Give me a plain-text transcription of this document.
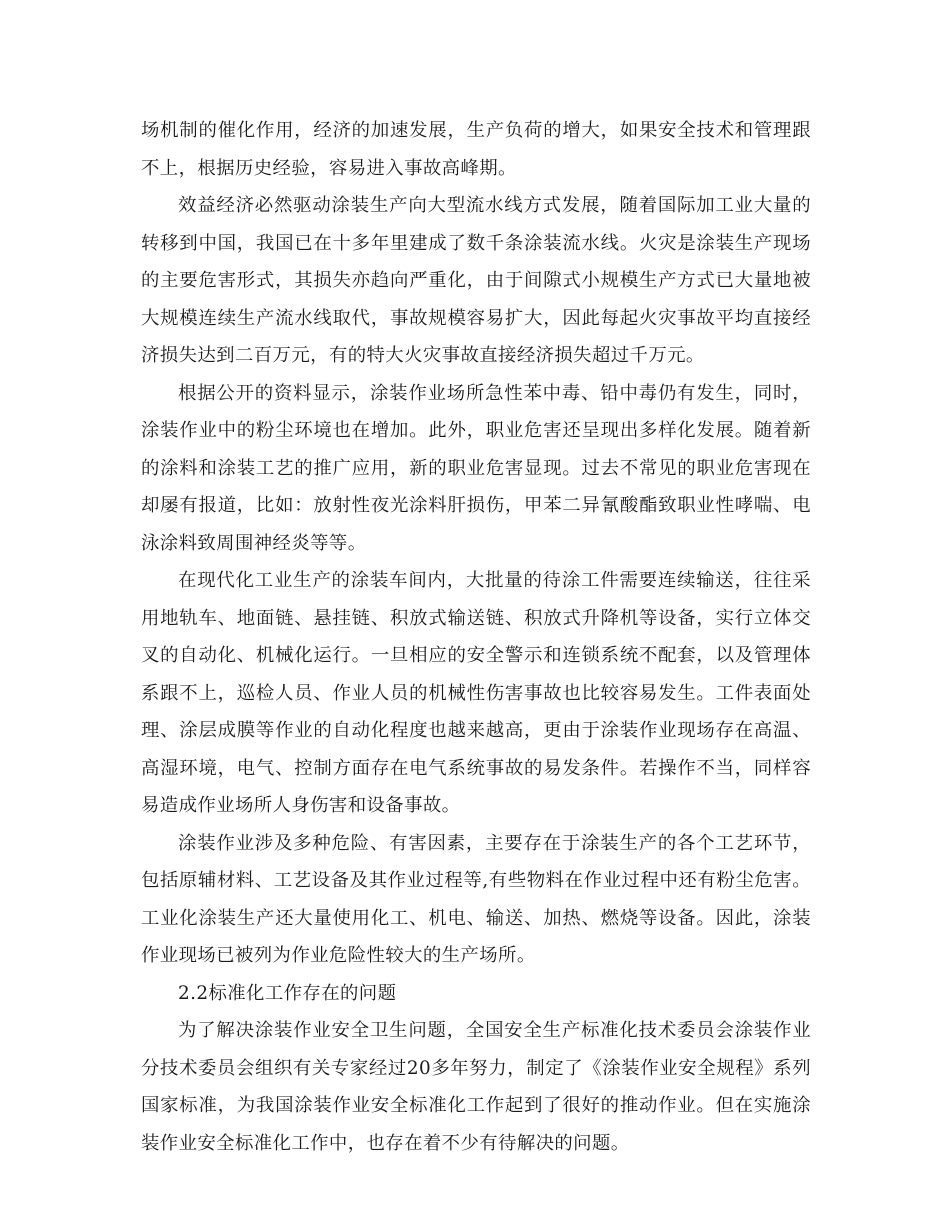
场机制的催化作用，经济的加速发展，生产负荷的增大，如果安全技术和管理跟不上，根据历史经验，容易进入事故高峰期。

效益经济必然驱动涂装生产向大型流水线方式发展，随着国际加工业大量的转移到中国，我国已在十多年里建成了数千条涂装流水线。火灾是涂装生产现场的主要危害形式，其损失亦趋向严重化，由于间隙式小规模生产方式已大量地被大规模连续生产流水线取代，事故规模容易扩大，因此每起火灾事故平均直接经济损失达到二百万元，有的特大火灾事故直接经济损失超过千万元。

根据公开的资料显示，涂装作业场所急性苯中毒、铅中毒仍有发生，同时，涂装作业中的粉尘环境也在增加。此外，职业危害还呈现出多样化发展。随着新的涂料和涂装工艺的推广应用，新的职业危害显现。过去不常见的职业危害现在却屡有报道，比如：放射性夜光涂料肝损伤，甲苯二异氰酸酯致职业性哮喘、电泳涂料致周围神经炎等等。

在现代化工业生产的涂装车间内，大批量的待涂工件需要连续输送，往往采用地轨车、地面链、悬挂链、积放式输送链、积放式升降机等设备，实行立体交叉的自动化、机械化运行。一旦相应的安全警示和连锁系统不配套，以及管理体系跟不上，巡检人员、作业人员的机械性伤害事故也比较容易发生。工件表面处理、涂层成膜等作业的自动化程度也越来越高，更由于涂装作业现场存在高温、高湿环境，电气、控制方面存在电气系统事故的易发条件。若操作不当，同样容易造成作业场所人身伤害和设备事故。

涂装作业涉及多种危险、有害因素，主要存在于涂装生产的各个工艺环节，包括原辅材料、工艺设备及其作业过程等,有些物料在作业过程中还有粉尘危害。工业化涂装生产还大量使用化工、机电、输送、加热、燃烧等设备。因此，涂装作业现场已被列为作业危险性较大的生产场所。

2.2标准化工作存在的问题

为了解决涂装作业安全卫生问题，全国安全生产标准化技术委员会涂装作业分技术委员会组织有关专家经过20多年努力，制定了《涂装作业安全规程》系列国家标准，为我国涂装作业安全标准化工作起到了很好的推动作业。但在实施涂装作业安全标准化工作中，也存在着不少有待解决的问题。
